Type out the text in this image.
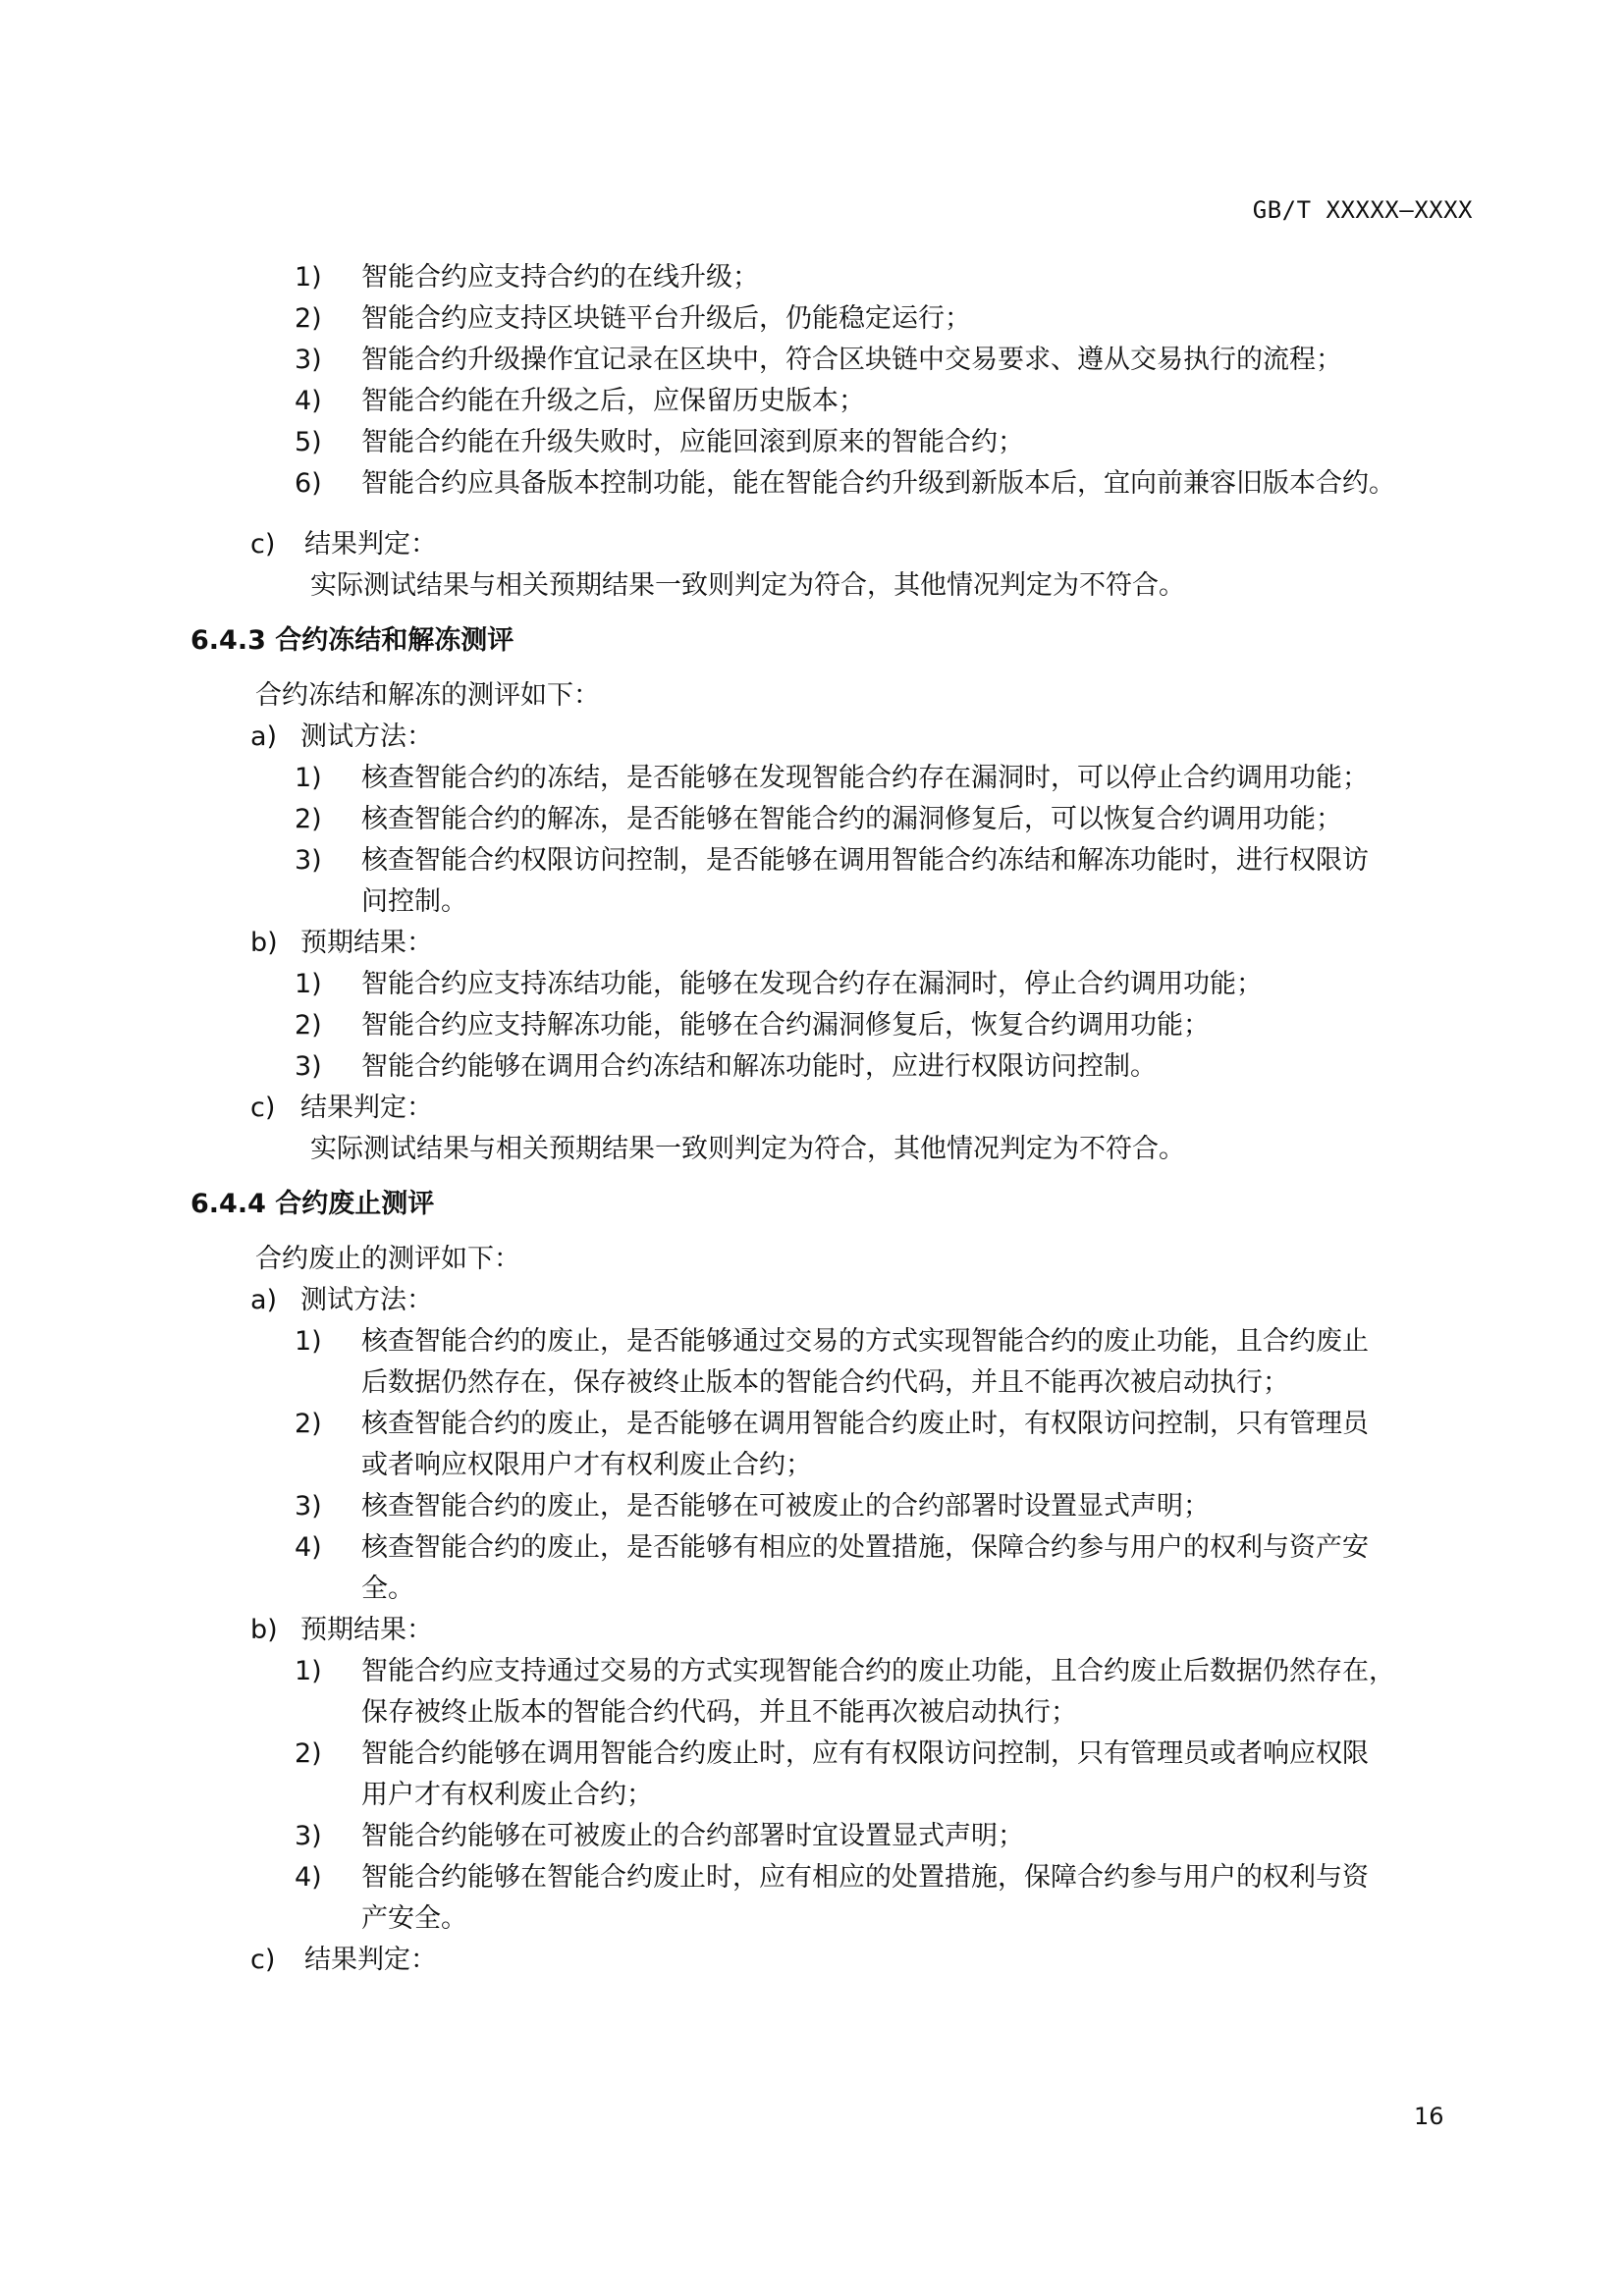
GB/T XXXXX—XXXX
1) 智能合约应支持合约的在线升级；
2) 智能合约应支持区块链平台升级后，仍能稳定运行；
3) 智能合约升级操作宜记录在区块中，符合区块链中交易要求、遵从交易执行的流程；
4) 智能合约能在升级之后，应保留历史版本；
5) 智能合约能在升级失败时，应能回滚到原来的智能合约；
6) 智能合约应具备版本控制功能，能在智能合约升级到新版本后，宜向前兼容旧版本合约。
c) 结果判定：
实际测试结果与相关预期结果一致则判定为符合，其他情况判定为不符合。
6.4.3 合约冻结和解冻测评
合约冻结和解冻的测评如下：
a) 测试方法：
1) 核查智能合约的冻结，是否能够在发现智能合约存在漏洞时，可以停止合约调用功能；
2) 核查智能合约的解冻，是否能够在智能合约的漏洞修复后，可以恢复合约调用功能；
3) 核查智能合约权限访问控制，是否能够在调用智能合约冻结和解冻功能时，进行权限访
问控制。
b) 预期结果：
1) 智能合约应支持冻结功能，能够在发现合约存在漏洞时，停止合约调用功能；
2) 智能合约应支持解冻功能，能够在合约漏洞修复后，恢复合约调用功能；
3) 智能合约能够在调用合约冻结和解冻功能时，应进行权限访问控制。
c) 结果判定：
实际测试结果与相关预期结果一致则判定为符合，其他情况判定为不符合。
6.4.4 合约废止测评
合约废止的测评如下：
a) 测试方法：
1) 核查智能合约的废止，是否能够通过交易的方式实现智能合约的废止功能，且合约废止
后数据仍然存在，保存被终止版本的智能合约代码，并且不能再次被启动执行；
2) 核查智能合约的废止，是否能够在调用智能合约废止时，有权限访问控制，只有管理员
或者响应权限用户才有权利废止合约；
3) 核查智能合约的废止，是否能够在可被废止的合约部署时设置显式声明；
4) 核查智能合约的废止，是否能够有相应的处置措施，保障合约参与用户的权利与资产安
全。
b) 预期结果：
1) 智能合约应支持通过交易的方式实现智能合约的废止功能，且合约废止后数据仍然存在，
保存被终止版本的智能合约代码，并且不能再次被启动执行；
2) 智能合约能够在调用智能合约废止时，应有有权限访问控制，只有管理员或者响应权限
用户才有权利废止合约；
3) 智能合约能够在可被废止的合约部署时宜设置显式声明；
4) 智能合约能够在智能合约废止时，应有相应的处置措施，保障合约参与用户的权利与资
产安全。
c) 结果判定：
16
